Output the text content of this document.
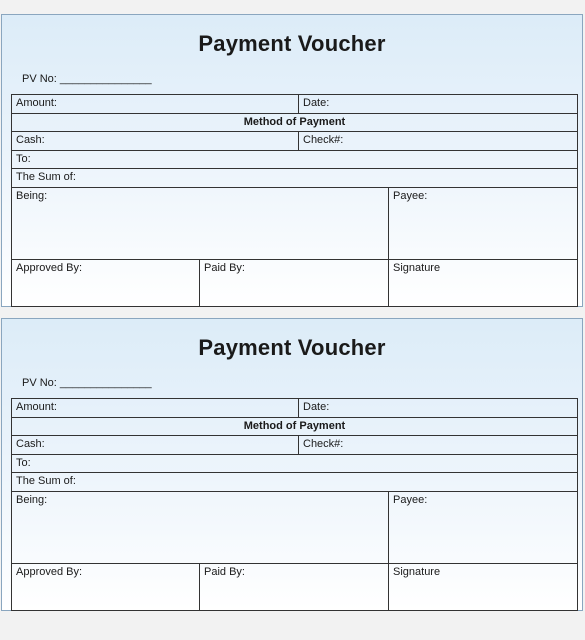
Payment Voucher
PV No: _______________
Amount:	Date:
Method of Payment
Cash:	Check#:
To:
The Sum of:
Being:	Payee:
Approved By:	Paid By:	Signature
Payment Voucher
PV No: _______________
Amount:	Date:
Method of Payment
Cash:	Check#:
To:
The Sum of:
Being:	Payee:
Approved By:	Paid By:	Signature
